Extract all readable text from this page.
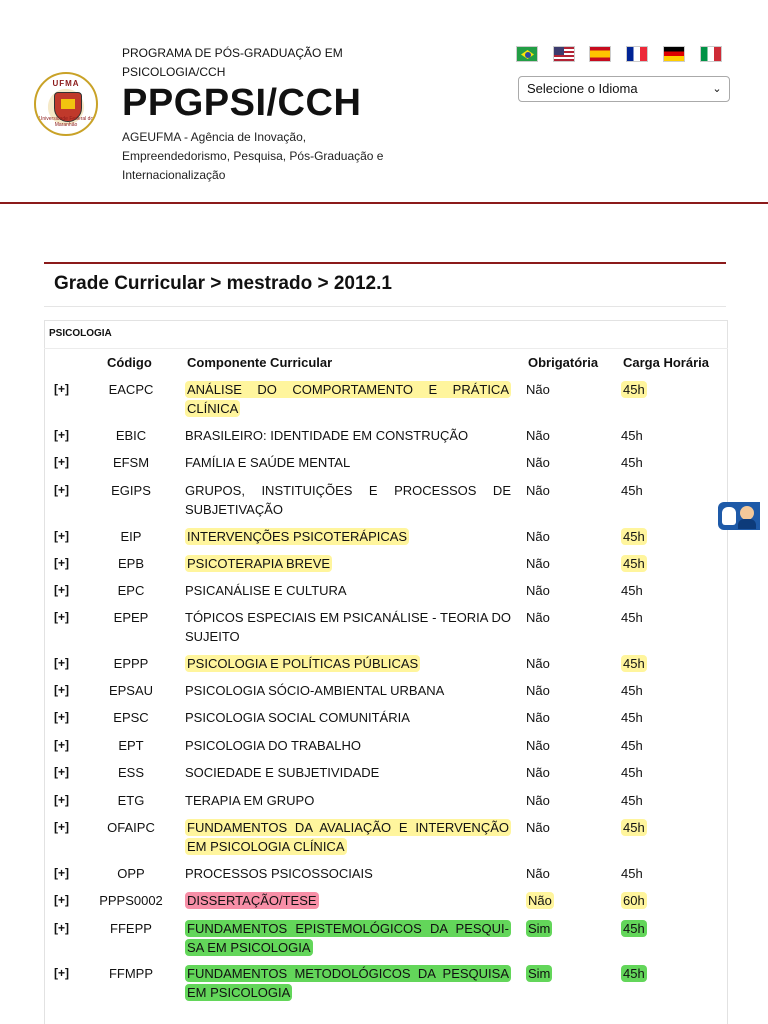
UFMA
Universidade Federal do Maranhão
PROGRAMA DE PÓS-GRADUAÇÃO EM PSICOLOGIA/CCH
PPGPSI/CCH
AGEUFMA - Agência de Inovação, Empreendedorismo, Pesquisa, Pós-Graduação e Internacionalização
Selecione o Idioma	⌄
Grade Curricular > mestrado > 2012.1
PSICOLOGIA
Código	Componente Curricular	Obrigatória Carga Horária
[+]	EACPC	ANÁLISE DO COMPORTAMENTO E PRÁTICA CLÍNICA
Não	45h
[+]	EBIC	BRASILEIRO: IDENTIDADE EM CONSTRUÇÃO	Não	45h
[+]	EFSM	FAMÍLIA E SAÚDE MENTAL	Não	45h
[+]	EGIPS	GRUPOS, INSTITUIÇÕES E PROCESSOS DE SUBJETIVAÇÃO
Não	45h
[+]	EIP	INTERVENÇÕES PSICOTERÁPICAS	Não	45h
[+]	EPB	PSICOTERAPIA BREVE	Não	45h
[+]	EPC	PSICANÁLISE E CULTURA	Não	45h
[+]	EPEP	TÓPICOS ESPECIAIS EM PSICANÁLISE - TEORIA DO SUJEITO
Não	45h
[+]	EPPP	PSICOLOGIA E POLÍTICAS PÚBLICAS	Não	45h
[+]	EPSAU	PSICOLOGIA SÓCIO-AMBIENTAL URBANA	Não	45h
[+]	EPSC	PSICOLOGIA SOCIAL COMUNITÁRIA	Não	45h
[+]	EPT	PSICOLOGIA DO TRABALHO	Não	45h
[+]	ESS	SOCIEDADE E SUBJETIVIDADE	Não	45h
[+]	ETG	TERAPIA EM GRUPO	Não	45h
[+]	OFAIPC	FUNDAMENTOS DA AVALIAÇÃO E INTERVENÇÃO EM PSICOLOGIA CLÍNICA
Não	45h
[+]	OPP	PROCESSOS PSICOSSOCIAIS	Não	45h
[+]	PPPS0002	DISSERTAÇÃO/TESE	Não	60h
[+]	FFEPP	FUNDAMENTOS EPISTEMOLÓGICOS DA PESQUI-SA EM PSICOLOGIA
Sim	45h
[+]	FFMPP	FUNDAMENTOS METODOLÓGICOS DA PESQUISA EM PSICOLOGIA
Sim	45h
